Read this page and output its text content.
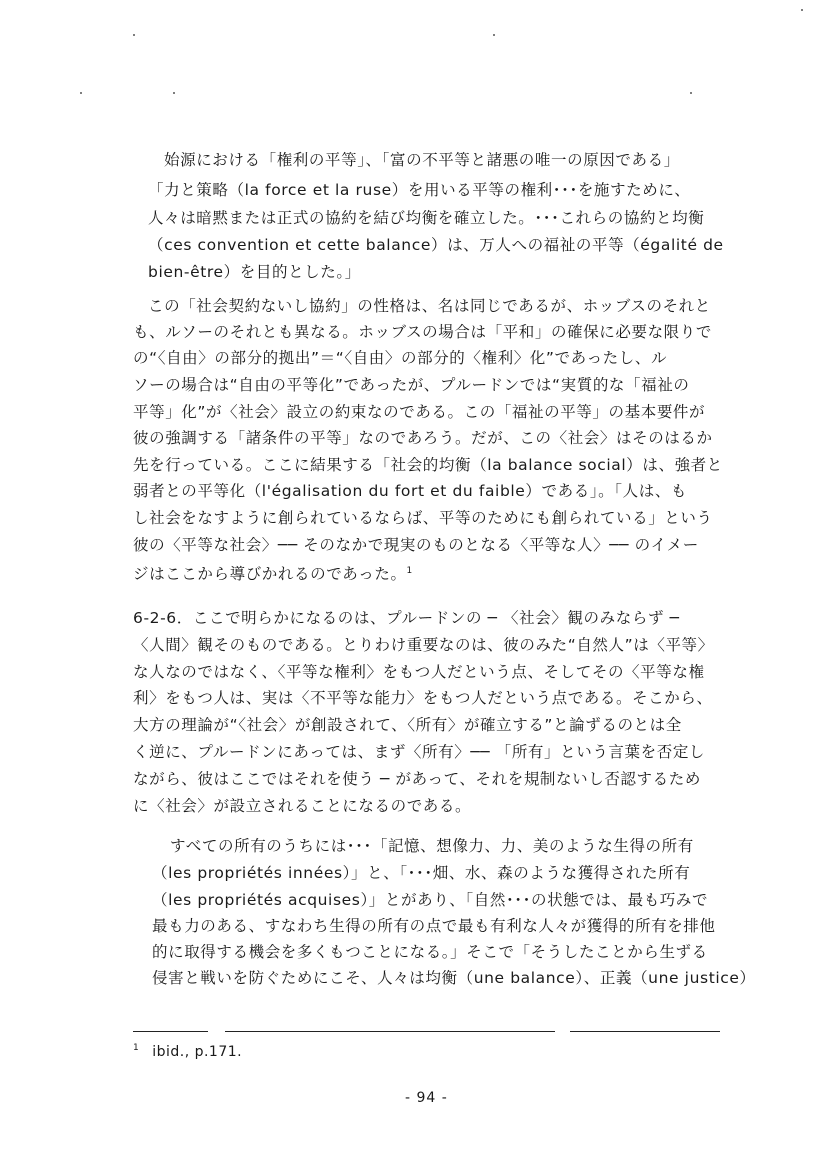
始源における「権利の平等」、「富の不平等と諸悪の唯一の原因である」
「力と策略（la force et la ruse）を用いる平等の権利･･･を施すために、
人々は暗黙または正式の協約を結び均衡を確立した。･･･これらの協約と均衡
（ces convention et cette balance）は、万人への福祉の平等（égalité de
bien-être）を目的とした。」
この「社会契約ないし協約」の性格は、名は同じであるが、ホッブスのそれと
も、ルソーのそれとも異なる。ホッブスの場合は「平和」の確保に必要な限りで
の“〈自由〉の部分的拠出”＝“〈自由〉の部分的〈権利〉化”であったし、ル
ソーの場合は“自由の平等化”であったが、プルードンでは“実質的な「福祉の
平等」化”が〈社会〉設立の約束なのである。この「福祉の平等」の基本要件が
彼の強調する「諸条件の平等」なのであろう。だが、この〈社会〉はそのはるか
先を行っている。ここに結果する「社会的均衡（la balance social）は、強者と
弱者との平等化（l'égalisation du fort et du faible）である」。「人は、も
し社会をなすように創られているならば、平等のためにも創られている」という
彼の〈平等な社会〉── そのなかで現実のものとなる〈平等な人〉── のイメー
ジはここから導びかれるのであった。$^1$
6-2-6．ここで明らかになるのは、プルードンの ─ 〈社会〉観のみならず ─
〈人間〉観そのものである。とりわけ重要なのは、彼のみた“自然人”は〈平等〉
な人なのではなく、〈平等な権利〉をもつ人だという点、そしてその〈平等な権
利〉をもつ人は、実は〈不平等な能力〉をもつ人だという点である。そこから、
大方の理論が“〈社会〉が創設されて、〈所有〉が確立する”と論ずるのとは全
く逆に、プルードンにあっては、まず〈所有〉── 「所有」という言葉を否定し
ながら、彼はここではそれを使う ─ があって、それを規制ないし否認するため
に〈社会〉が設立されることになるのである。
すべての所有のうちには･･･「記憶、想像力、力、美のような生得の所有
（les propriétés innées）」と、「･･･畑、水、森のような獲得された所有
（les propriétés acquises）」とがあり、「自然･･･の状態では、最も巧みで
最も力のある、すなわち生得の所有の点で最も有利な人々が獲得的所有を排他
的に取得する機会を多くもつことになる。」そこで「そうしたことから生ずる
侵害と戦いを防ぐためにこそ、人々は均衡（une balance）、正義（une justice）
$^1$ ibid., p.171.
- 94 -
